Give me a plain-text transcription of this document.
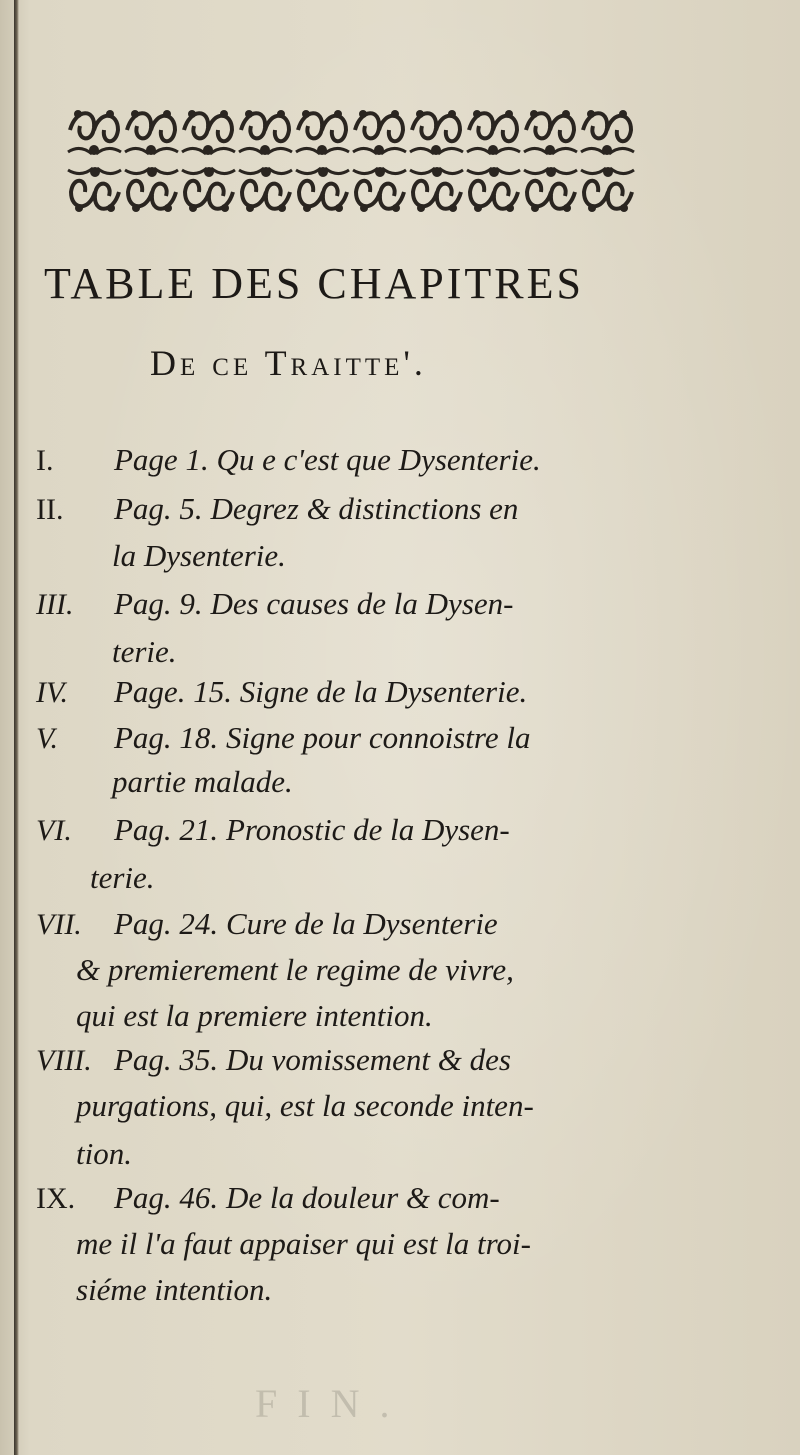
TABLE DES CHAPITRES
De ce Traitte'.
I. Page 1. Qu e c'est que Dysenterie.
II. Pag. 5. Degrez & distinctions en
la Dysenterie.
III. Pag. 9. Des causes de la Dysen-
terie.
IV. Page. 15. Signe de la Dysenterie.
V. Pag. 18. Signe pour connoistre la
partie malade.
VI. Pag. 21. Pronostic de la Dysen-
terie.
VII. Pag. 24. Cure de la Dysenterie
& premierement le regime de vivre,
qui est la premiere intention.
VIII. Pag. 35. Du vomissement & des
purgations, qui, est la seconde inten-
tion.
IX. Pag. 46. De la douleur & com-
me il l'a faut appaiser qui est la troi-
siéme intention.
FIN.
